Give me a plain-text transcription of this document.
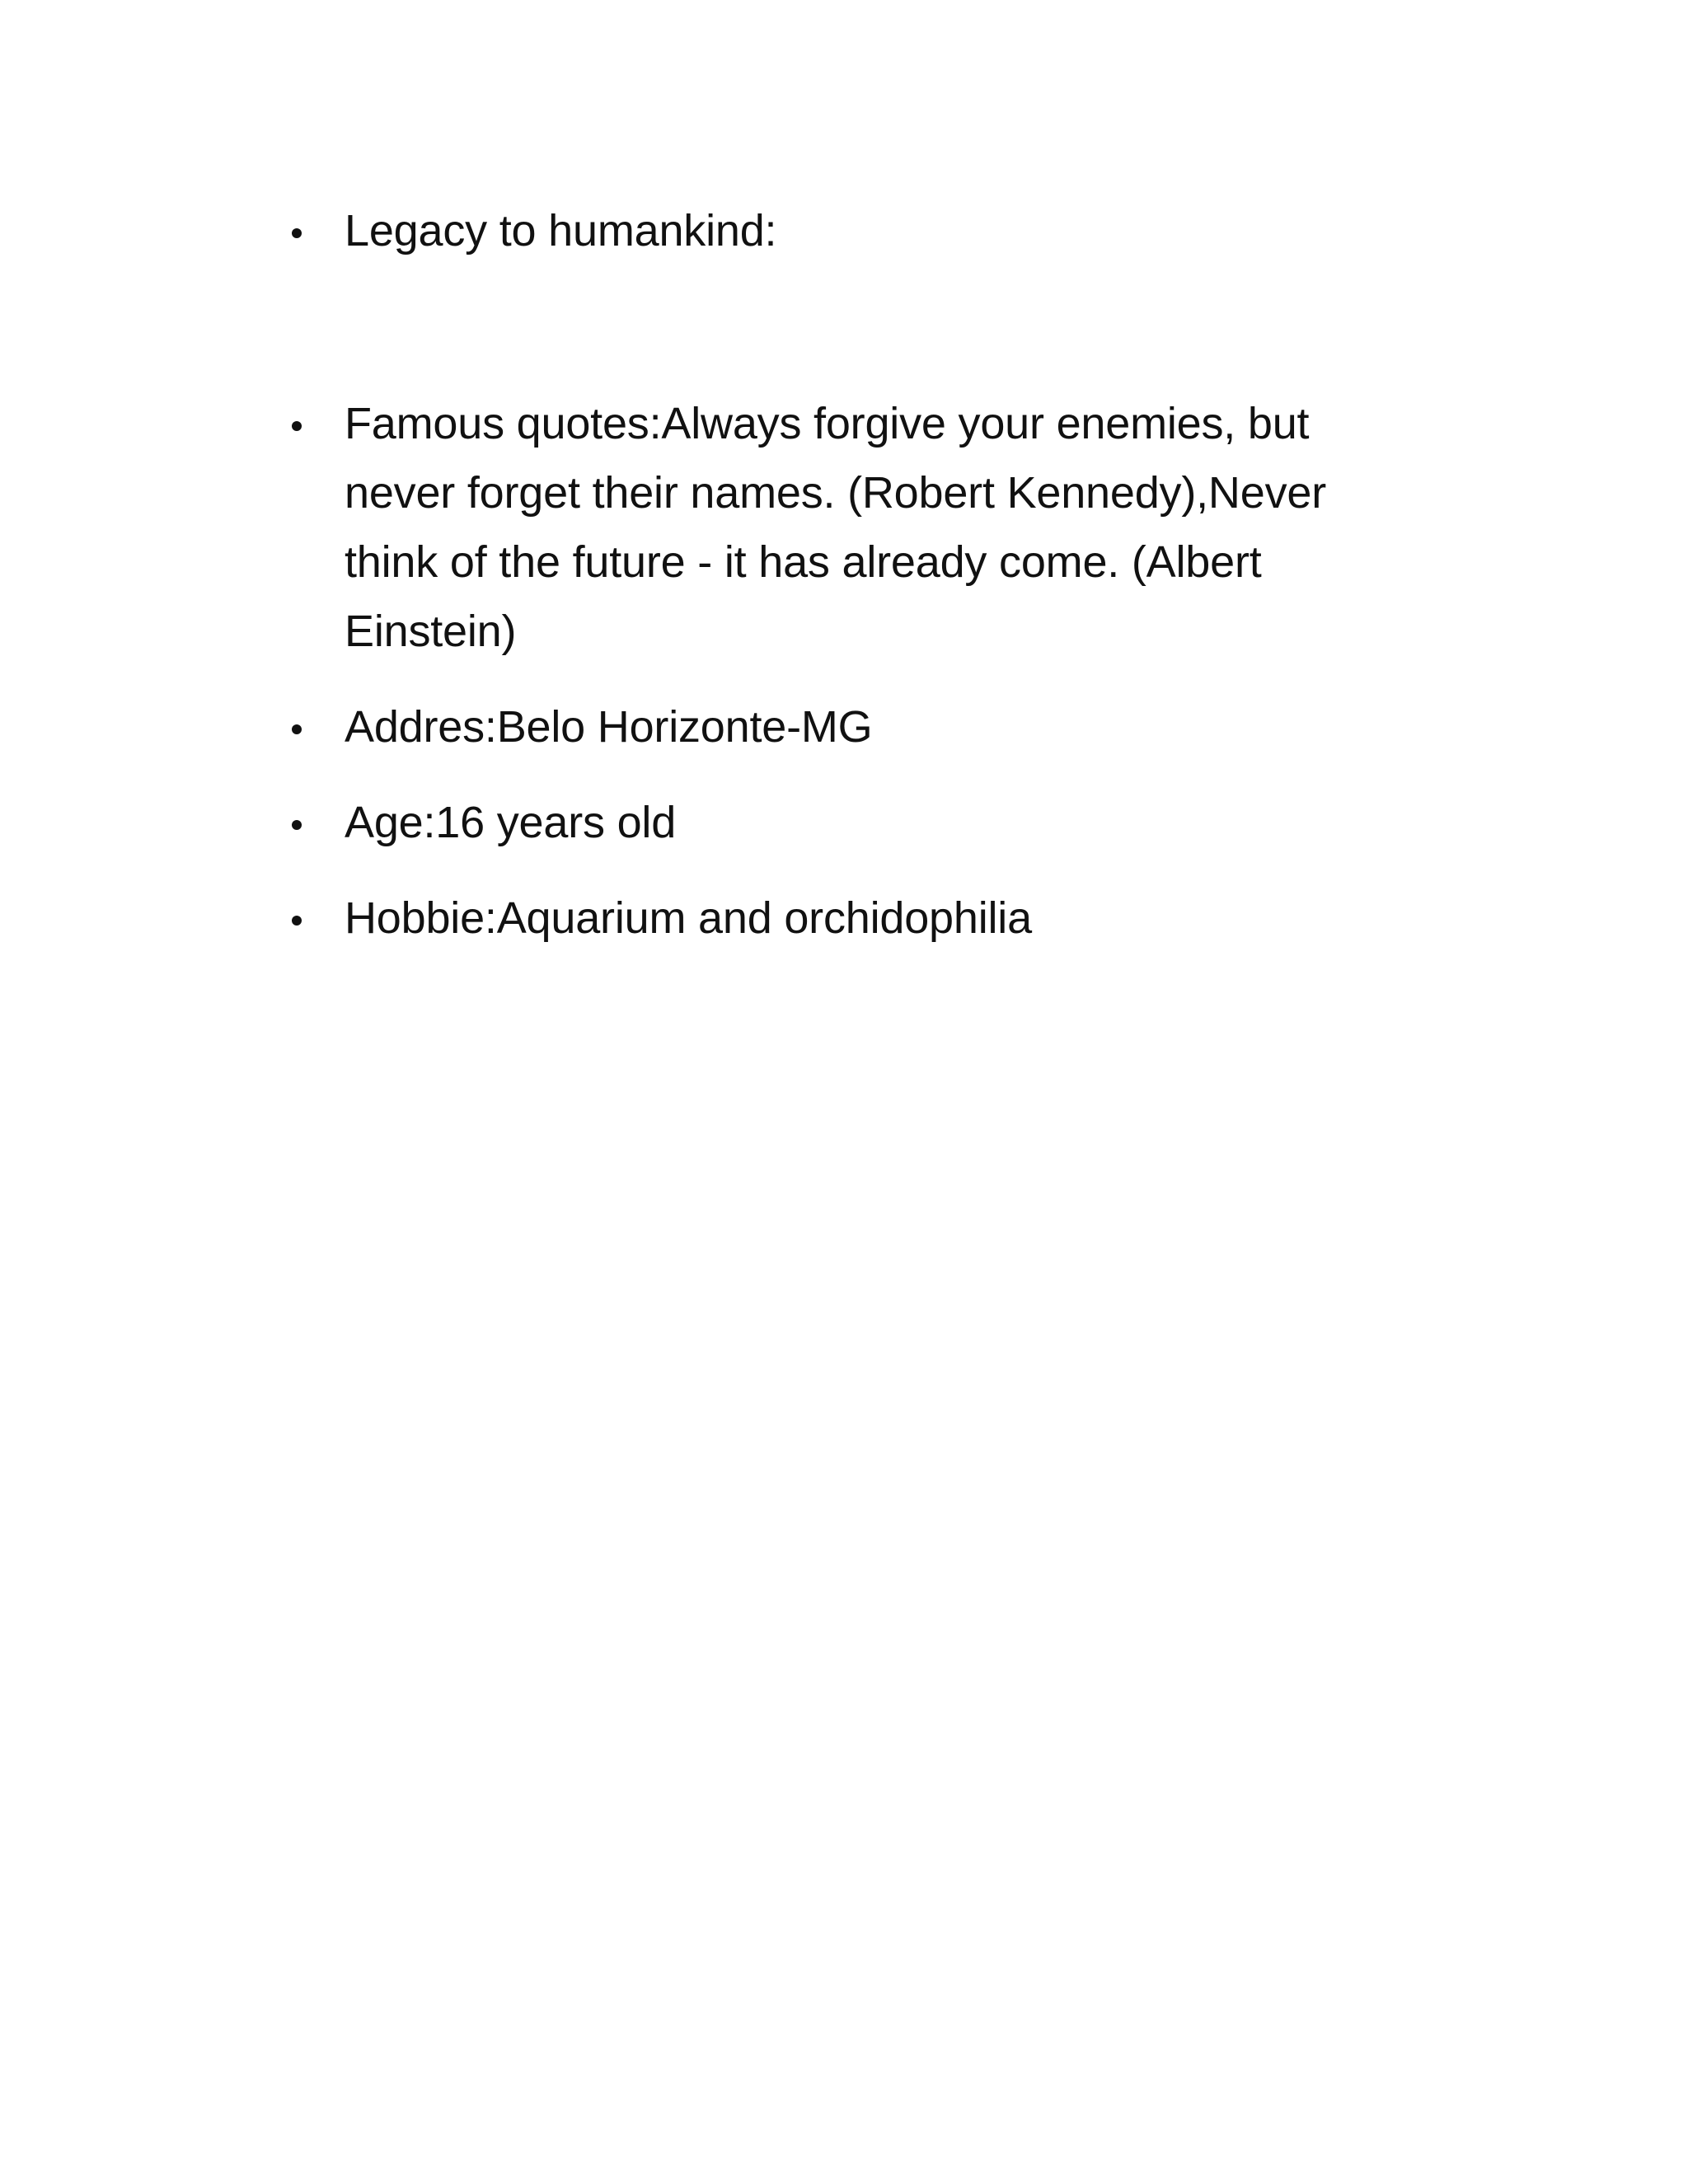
Legacy to humankind:
Famous quotes:Always forgive your enemies, but never forget their names. (Robert Kennedy),Never think of the future - it has already come. (Albert Einstein)
Addres:Belo Horizonte-MG
Age:16 years old
Hobbie:Aquarium and orchidophilia
